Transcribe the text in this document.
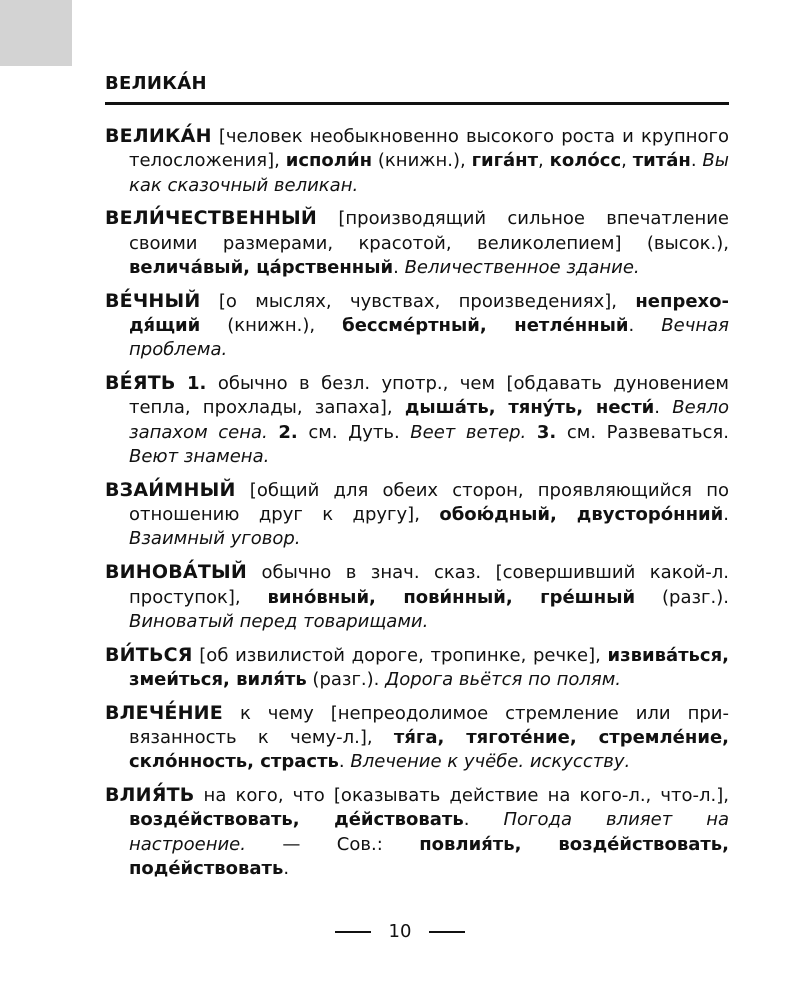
ВЕЛИКА́Н

ВЕЛИКА́Н [человек необыкновенно высокого роста и крупного телосложения], исполи́н (книжн.), гига́нт, коло́сс, тита́н. Вы как сказочный великан.

ВЕЛИ́ЧЕСТВЕННЫЙ [производящий сильное впечатление своими размерами, красотой, великолепием] (высок.), велича́вый, ца́рственный. Величественное здание.

ВЕ́ЧНЫЙ [о мыслях, чувствах, произведениях], непреходя́щий (книжн.), бессме́ртный, нетле́нный. Вечная проблема.

ВЕ́ЯТЬ 1. обычно в безл. употр., чем [обдавать дуновением тепла, прохлады, запаха], дыша́ть, тяну́ть, нести́. Веяло запахом сена. 2. см. Дуть. Веет ветер. 3. см. Развеваться. Веют знамена.

ВЗАИ́МНЫЙ [общий для обеих сторон, проявляющийся по отношению друг к другу], обою́дный, двусторо́нний. Взаимный уговор.

ВИНОВА́ТЫЙ обычно в знач. сказ. [совершивший какой-л. проступок], вино́вный, пови́нный, гре́шный (разг.). Виноватый перед товарищами.

ВИ́ТЬСЯ [об извилистой дороге, тропинке, речке], извива́ться, змеи́ться, виля́ть (разг.). Дорога вьётся по полям.

ВЛЕЧЕ́НИЕ к чему [непреодолимое стремление или привязанность к чему-л.], тя́га, тяготе́ние, стремле́ние, скло́нность, страсть. Влечение к учёбе. искусству.

ВЛИЯ́ТЬ на кого, что [оказывать действие на кого-л., что-л.], возде́йствовать, де́йствовать. Погода влияет на настроение. — Сов.: повлия́ть, возде́йствовать, поде́йствовать.

10
